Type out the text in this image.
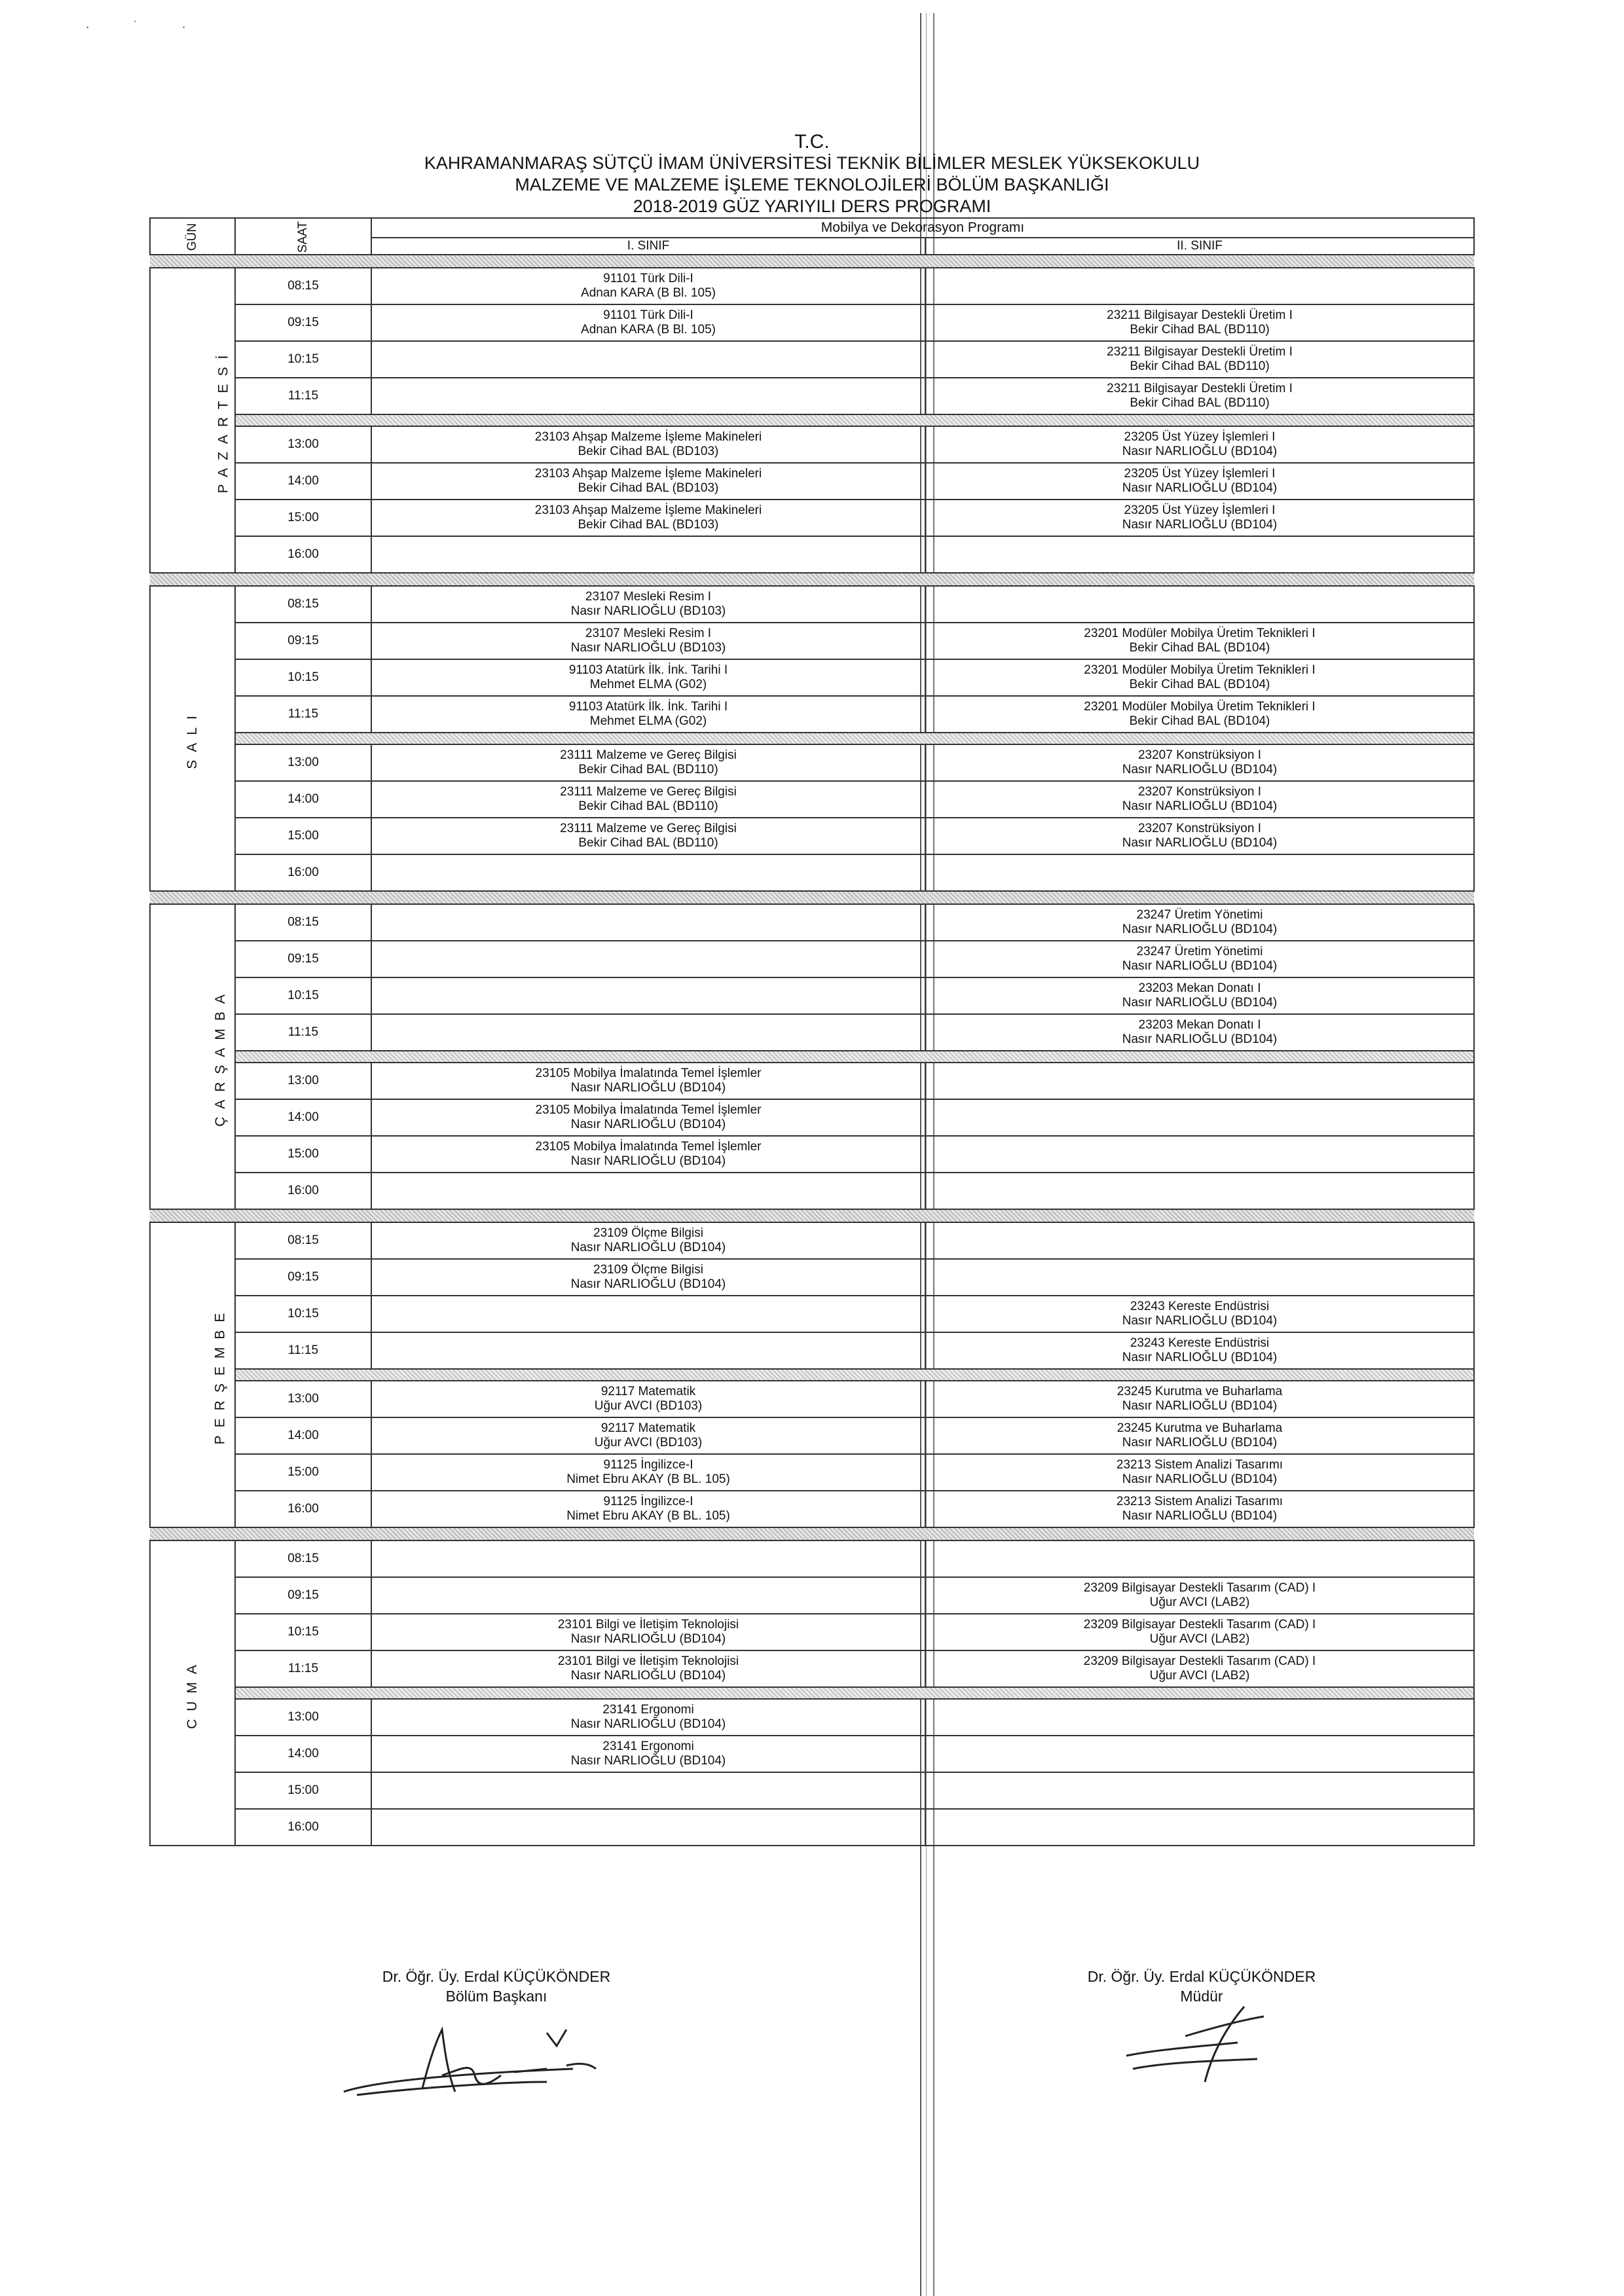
· ˙ ·
T.C.
KAHRAMANMARAŞ SÜTÇÜ İMAM ÜNİVERSİTESİ TEKNİK BİLİMLER MESLEK YÜKSEKOKULU
MALZEME VE MALZEME İŞLEME TEKNOLOJİLERİ BÖLÜM BAŞKANLIĞI
2018-2019 GÜZ YARIYILI DERS PROGRAMI
GÜN	SAAT	Mobilya ve Dekorasyon Programı	
		I. SINIF	II. SINIF

PAZARTESİ	08:15	91101 Türk Dili-I
Adnan KARA (B Bl. 105)	

	09:15	91101 Türk Dili-I
Adnan KARA (B Bl. 105)	23211 Bilgisayar Destekli Üretim I
Bekir Cihad BAL (BD110)

	10:15		23211 Bilgisayar Destekli Üretim I
Bekir Cihad BAL (BD110)

	11:15		23211 Bilgisayar Destekli Üretim I
Bekir Cihad BAL (BD110)

	13:00	23103 Ahşap Malzeme İşleme Makineleri
Bekir Cihad BAL (BD103)	23205 Üst Yüzey İşlemleri I
Nasır NARLIOĞLU (BD104)

	14:00	23103 Ahşap Malzeme İşleme Makineleri
Bekir Cihad BAL (BD103)	23205 Üst Yüzey İşlemleri I
Nasır NARLIOĞLU (BD104)

	15:00	23103 Ahşap Malzeme İşleme Makineleri
Bekir Cihad BAL (BD103)	23205 Üst Yüzey İşlemleri I
Nasır NARLIOĞLU (BD104)

	16:00		

SALI	08:15	23107 Mesleki Resim I
Nasır NARLIOĞLU (BD103)	

	09:15	23107 Mesleki Resim I
Nasır NARLIOĞLU (BD103)	23201 Modüler Mobilya Üretim Teknikleri I
Bekir Cihad BAL (BD104)

	10:15	91103 Atatürk İlk. İnk. Tarihi I
Mehmet ELMA (G02)	23201 Modüler Mobilya Üretim Teknikleri I
Bekir Cihad BAL (BD104)

	11:15	91103 Atatürk İlk. İnk. Tarihi I
Mehmet ELMA (G02)	23201 Modüler Mobilya Üretim Teknikleri I
Bekir Cihad BAL (BD104)

	13:00	23111 Malzeme ve Gereç Bilgisi
Bekir Cihad BAL (BD110)	23207 Konstrüksiyon I
Nasır NARLIOĞLU (BD104)

	14:00	23111 Malzeme ve Gereç Bilgisi
Bekir Cihad BAL (BD110)	23207 Konstrüksiyon I
Nasır NARLIOĞLU (BD104)

	15:00	23111 Malzeme ve Gereç Bilgisi
Bekir Cihad BAL (BD110)	23207 Konstrüksiyon I
Nasır NARLIOĞLU (BD104)

	16:00		

ÇARŞAMBA	08:15		23247 Üretim Yönetimi
Nasır NARLIOĞLU (BD104)

	09:15		23247 Üretim Yönetimi
Nasır NARLIOĞLU (BD104)

	10:15		23203 Mekan Donatı I
Nasır NARLIOĞLU (BD104)

	11:15		23203 Mekan Donatı I
Nasır NARLIOĞLU (BD104)

	13:00	23105 Mobilya İmalatında Temel İşlemler
Nasır NARLIOĞLU (BD104)	

	14:00	23105 Mobilya İmalatında Temel İşlemler
Nasır NARLIOĞLU (BD104)	

	15:00	23105 Mobilya İmalatında Temel İşlemler
Nasır NARLIOĞLU (BD104)	

	16:00		

PERŞEMBE	08:15	23109 Ölçme Bilgisi
Nasır NARLIOĞLU (BD104)	

	09:15	23109 Ölçme Bilgisi
Nasır NARLIOĞLU (BD104)	

	10:15		23243 Kereste Endüstrisi
Nasır NARLIOĞLU (BD104)

	11:15		23243 Kereste Endüstrisi
Nasır NARLIOĞLU (BD104)

	13:00	92117 Matematik
Uğur AVCI (BD103)	23245 Kurutma ve Buharlama
Nasır NARLIOĞLU (BD104)

	14:00	92117 Matematik
Uğur AVCI (BD103)	23245 Kurutma ve Buharlama
Nasır NARLIOĞLU (BD104)

	15:00	91125 İngilizce-I
Nimet Ebru AKAY (B BL. 105)	23213 Sistem Analizi Tasarımı
Nasır NARLIOĞLU (BD104)

	16:00	91125 İngilizce-I
Nimet Ebru AKAY (B BL. 105)	23213 Sistem Analizi Tasarımı
Nasır NARLIOĞLU (BD104)

CUMA	08:15		
	09:15		23209 Bilgisayar Destekli Tasarım (CAD) I
Uğur AVCI (LAB2)

	10:15	23101 Bilgi ve İletişim Teknolojisi
Nasır NARLIOĞLU (BD104)	23209 Bilgisayar Destekli Tasarım (CAD) I
Uğur AVCI (LAB2)

	11:15	23101 Bilgi ve İletişim Teknolojisi
Nasır NARLIOĞLU (BD104)	23209 Bilgisayar Destekli Tasarım (CAD) I
Uğur AVCI (LAB2)

	13:00	23141 Ergonomi
Nasır NARLIOĞLU (BD104)	

	14:00	23141 Ergonomi
Nasır NARLIOĞLU (BD104)	

	15:00		
	16:00		
Dr. Öğr. Üy. Erdal KÜÇÜKÖNDER
Bölüm Başkanı
Dr. Öğr. Üy. Erdal KÜÇÜKÖNDER
Müdür
